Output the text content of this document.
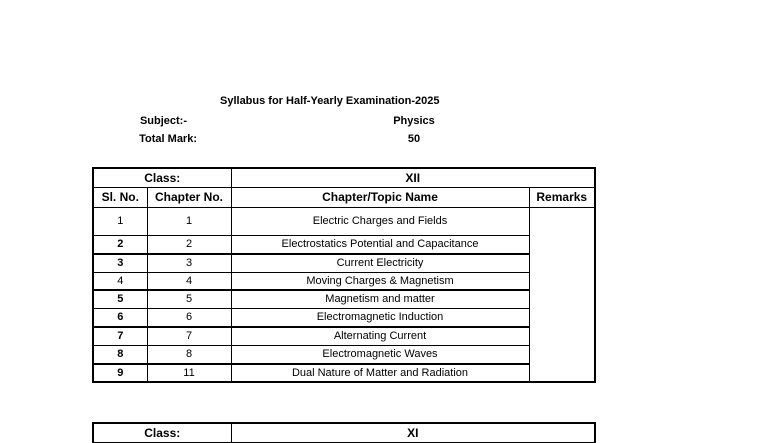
Syllabus for Half-Yearly Examination-2025
Subject:-	Physics
Total Mark:	50
Class:		XII	
Sl. No.	Chapter No.	Chapter/Topic Name	Remarks
1	1	Electric Charges and Fields	
2	2	Electrostatics Potential and Capacitance	
3	3	Current Electricity	
4	4	Moving Charges & Magnetism	
5	5	Magnetism and matter	
6	6	Electromagnetic Induction	
7	7	Alternating Current	
8	8	Electromagnetic Waves	
9	11	Dual Nature of Matter and Radiation	
Class:	XI
